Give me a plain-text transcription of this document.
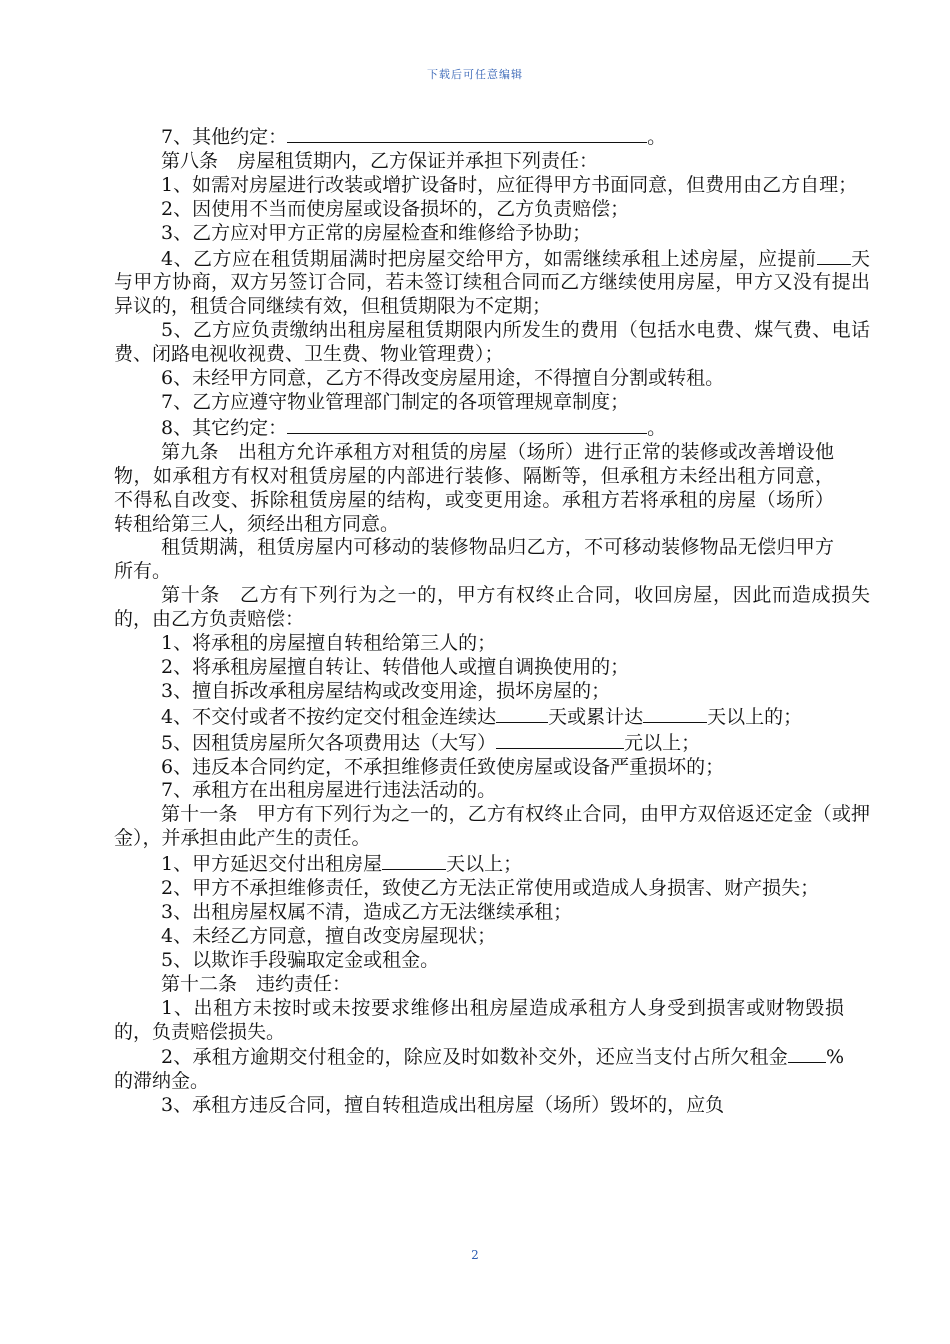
下载后可任意编辑

7、其他约定：	。

第八条　房屋租赁期内，乙方保证并承担下列责任：

1、如需对房屋进行改装或增扩设备时，应征得甲方书面同意，但费用由乙方自理；

2、因使用不当而使房屋或设备损坏的，乙方负责赔偿；

3、乙方应对甲方正常的房屋检查和维修给予协助；

4、乙方应在租赁期届满时把房屋交给甲方，如需继续承租上述房屋，应提前 天与甲方协商，双方另签订合同，若未签订续租合同而乙方继续使用房屋，甲方又没有提出异议的，租赁合同继续有效，但租赁期限为不定期；

5、乙方应负责缴纳出租房屋租赁期限内所发生的费用（包括水电费、煤气费、电话费、闭路电视收视费、卫生费、物业管理费）；

6、未经甲方同意，乙方不得改变房屋用途，不得擅自分割或转租。

7、乙方应遵守物业管理部门制定的各项管理规章制度；

8、其它约定：	。

第九条　出租方允许承租方对租赁的房屋（场所）进行正常的装修或改善增设他物，如承租方有权对租赁房屋的内部进行装修、隔断等，但承租方未经出租方同意，不得私自改变、拆除租赁房屋的结构，或变更用途。承租方若将承租的房屋（场所）转租给第三人，须经出租方同意。

租赁期满，租赁房屋内可移动的装修物品归乙方，不可移动装修物品无偿归甲方所有。

第十条　乙方有下列行为之一的，甲方有权终止合同，收回房屋，因此而造成损失的，由乙方负责赔偿：

1、将承租的房屋擅自转租给第三人的；

2、将承租房屋擅自转让、转借他人或擅自调换使用的；

3、擅自拆改承租房屋结构或改变用途，损坏房屋的；

4、不交付或者不按约定交付租金连续达	天或累计达	天以上的；

5、因租赁房屋所欠各项费用达（大写）	元以上；

6、违反本合同约定，不承担维修责任致使房屋或设备严重损坏的；

7、承租方在出租房屋进行违法活动的。

第十一条　甲方有下列行为之一的，乙方有权终止合同，由甲方双倍返还定金（或押金），并承担由此产生的责任。

1、甲方延迟交付出租房屋	天以上；

2、甲方不承担维修责任，致使乙方无法正常使用或造成人身损害、财产损失；

3、出租房屋权属不清，造成乙方无法继续承租；

4、未经乙方同意，擅自改变房屋现状；

5、以欺诈手段骗取定金或租金。

第十二条　违约责任：

1、出租方未按时或未按要求维修出租房屋造成承租方人身受到损害或财物毁损的，负责赔偿损失。

2、承租方逾期交付租金的，除应及时如数补交外，还应当支付占所欠租金 %的滞纳金。

3、承租方违反合同，擅自转租造成出租房屋（场所）毁坏的，应负

2
